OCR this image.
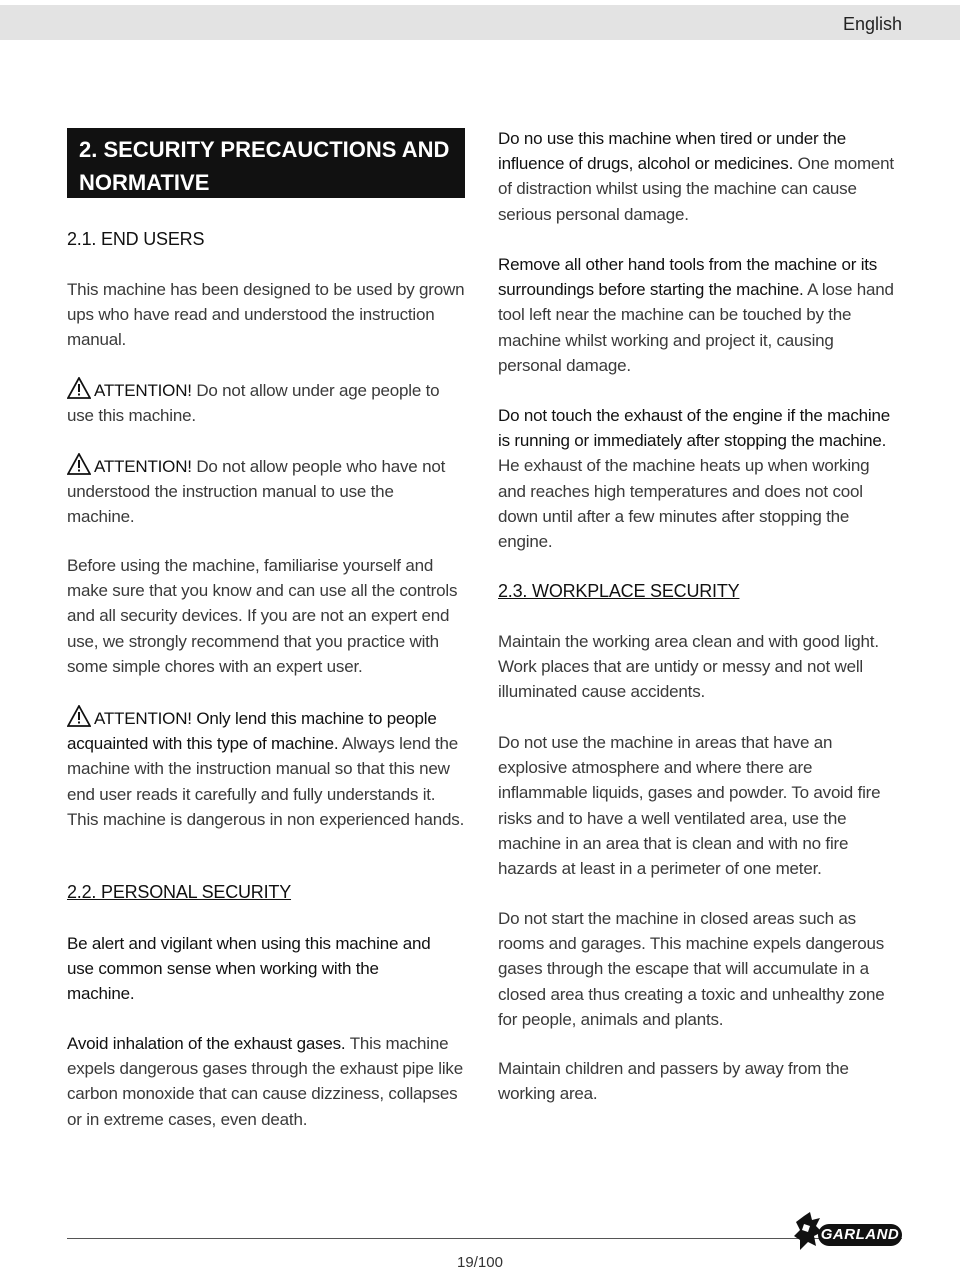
English
2. SECURITY PRECAUCTIONS AND
NORMATIVE

2.1. END USERS

This machine has been designed to be used by grown ups who have read and understood the instruction manual.

ATTENTION! Do not allow under age people to use this machine.

ATTENTION! Do not allow people who have not understood the instruction manual to use the machine.

Before using the machine, familiarise yourself and make sure that you know and can use all the controls and all security devices. If you are not an expert end use, we strongly recommend that you practice with some simple chores with an expert user.

ATTENTION! Only lend this machine to people acquainted with this type of machine. Always lend the machine with the instruction manual so that this new end user reads it carefully and fully understands it. This machine is dangerous in non experienced hands.

2.2. PERSONAL SECURITY

Be alert and vigilant when using this machine and use common sense when working with the machine.

Avoid inhalation of the exhaust gases. This machine expels dangerous gases through the exhaust pipe like carbon monoxide that can cause dizziness, collapses or in extreme cases, even death.

Do no use this machine when tired or under the influence of drugs, alcohol or medicines. One moment of distraction whilst using the machine can cause serious personal damage.

Remove all other hand tools from the machine or its surroundings before starting the machine. A lose hand tool left near the machine can be touched by the machine whilst working and project it, causing personal damage.

Do not touch the exhaust of the engine if the machine is running or immediately after stopping the machine. He exhaust of the machine heats up when working and reaches high temperatures and does not cool down until after a few minutes after stopping the engine.

2.3. WORKPLACE SECURITY

Maintain the working area clean and with good light. Work places that are untidy or messy and not well illuminated cause accidents.

Do not use the machine in areas that have an explosive atmosphere and where there are inflammable liquids, gases and powder. To avoid fire risks and to have a well ventilated area, use the machine in an area that is clean and with no fire hazards at least in a perimeter of one meter.

Do not start the machine in closed areas such as rooms and garages. This machine expels dangerous gases through the escape that will accumulate in a closed area thus creating a toxic and unhealthy zone for people, animals and plants.

Maintain children and passers by away from the working area.

GARLAND
19/100
